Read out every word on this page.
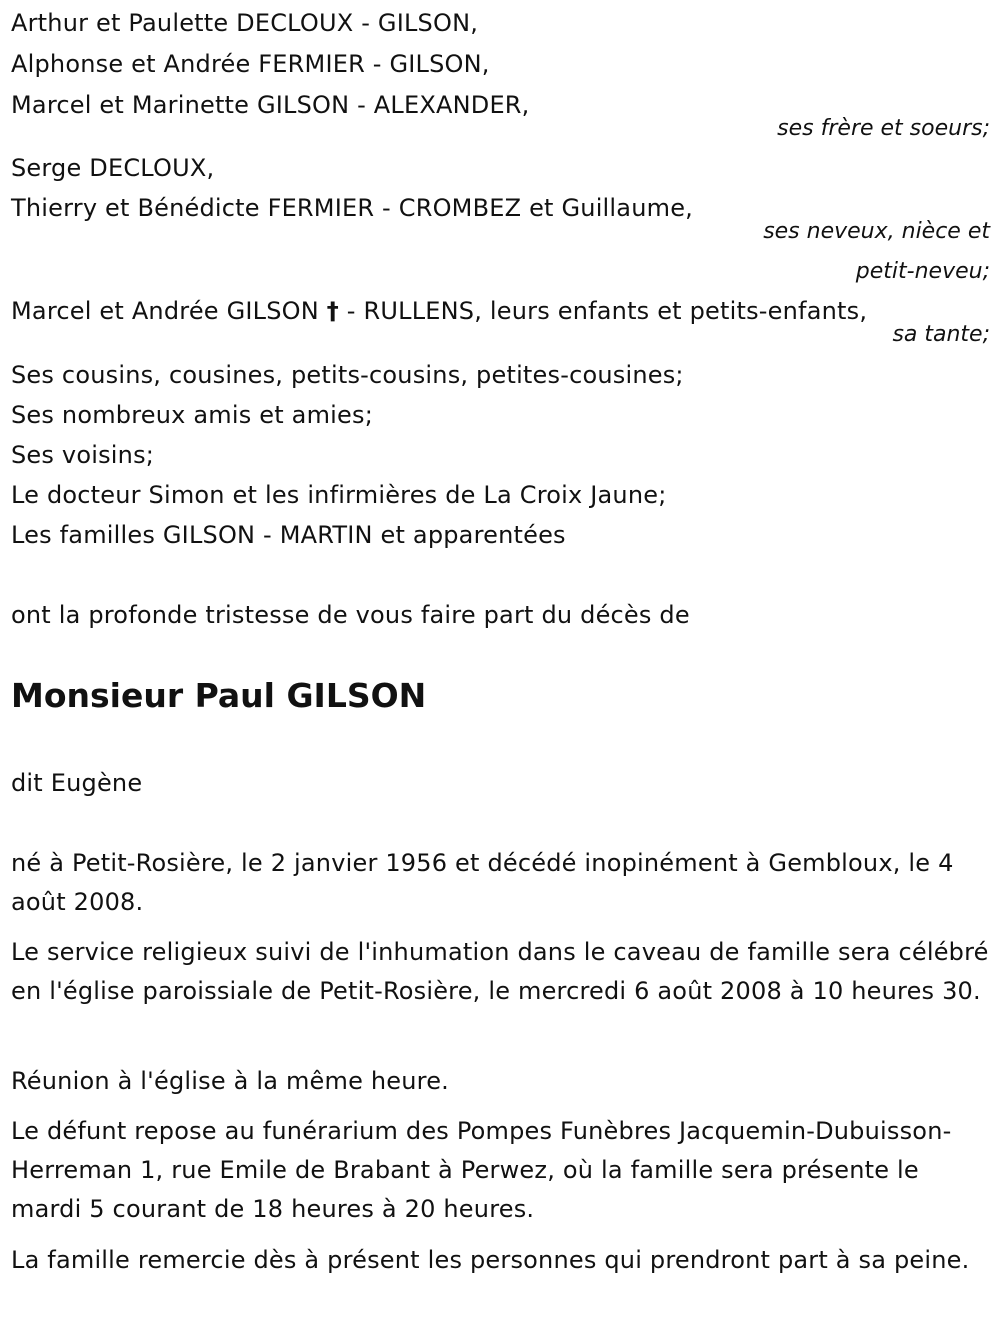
Arthur et Paulette DECLOUX - GILSON,
Alphonse et Andrée FERMIER - GILSON,
Marcel et Marinette GILSON - ALEXANDER,
ses frère et soeurs;
Serge DECLOUX,
Thierry et Bénédicte FERMIER - CROMBEZ et Guillaume,
ses neveux, nièce et
petit-neveu;
Marcel et Andrée GILSON † - RULLENS, leurs enfants et petits-enfants,
sa tante;
Ses cousins, cousines, petits-cousins, petites-cousines;
Ses nombreux amis et amies;
Ses voisins;
Le docteur Simon et les infirmières de La Croix Jaune;
Les familles GILSON - MARTIN et apparentées
ont la profonde tristesse de vous faire part du décès de
Monsieur Paul GILSON
dit Eugène
né à Petit-Rosière, le 2 janvier 1956 et décédé inopinément à Gembloux, le 4 août 2008.
Le service religieux suivi de l'inhumation dans le caveau de famille sera célébré en l'église paroissiale de Petit-Rosière, le mercredi 6 août 2008 à 10 heures 30.
Réunion à l'église à la même heure.
Le défunt repose au funérarium des Pompes Funèbres Jacquemin-Dubuisson-Herreman 1, rue Emile de Brabant à Perwez, où la famille sera présente le mardi 5 courant de 18 heures à 20 heures.
La famille remercie dès à présent les personnes qui prendront part à sa peine.
